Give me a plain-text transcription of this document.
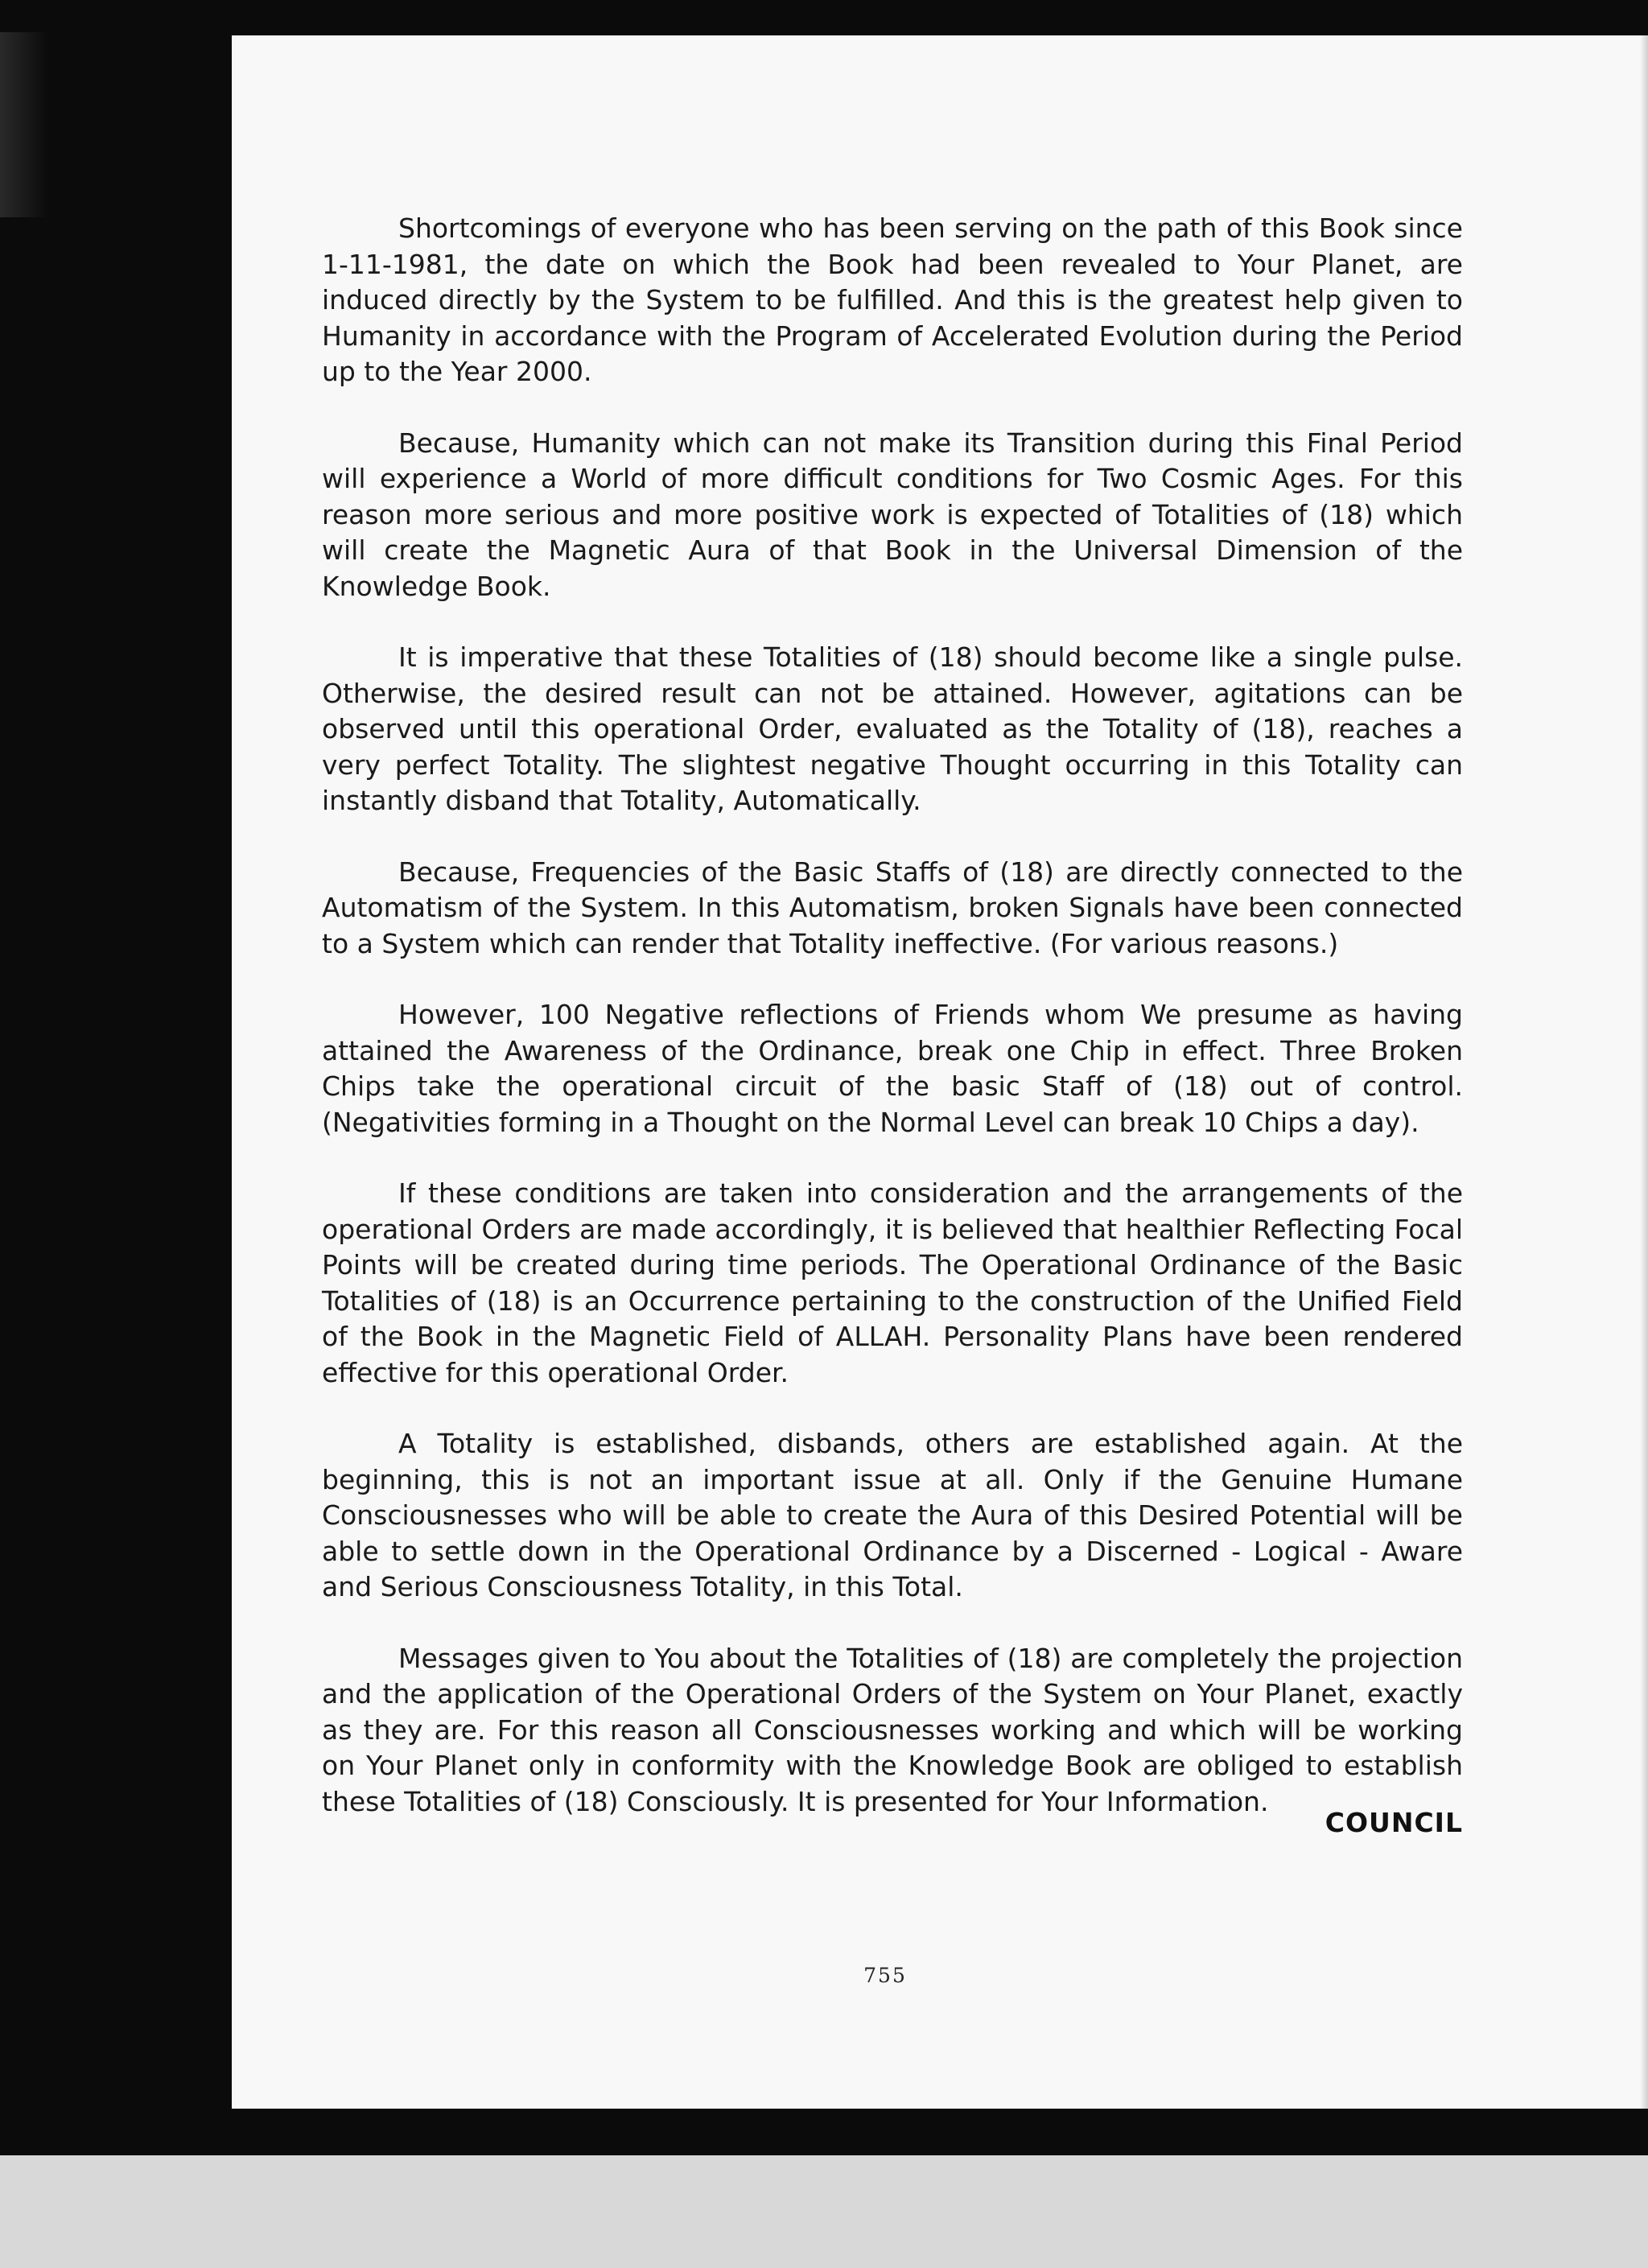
Shortcomings of everyone who has been serving on the path of this Book since 1-11-1981, the date on which the Book had been revealed to Your Planet, are induced directly by the System to be fulfilled. And this is the greatest help given to Humanity in accordance with the Program of Accelerated Evolution during the Period up to the Year 2000.

Because, Humanity which can not make its Transition during this Final Period will experience a World of more difficult conditions for Two Cosmic Ages. For this reason more serious and more positive work is expected of Totalities of (18) which will create the Magnetic Aura of that Book in the Universal Dimension of the Knowledge Book.

It is imperative that these Totalities of (18) should become like a single pulse. Otherwise, the desired result can not be attained. However, agitations can be observed until this operational Order, evaluated as the Totality of (18), reaches a very perfect Totality. The slightest negative Thought occurring in this Totality can instantly disband that Totality, Automatically.

Because, Frequencies of the Basic Staffs of (18) are directly connected to the Automatism of the System. In this Automatism, broken Signals have been connected to a System which can render that Totality ineffective. (For various reasons.)

However, 100 Negative reflections of Friends whom We presume as having attained the Awareness of the Ordinance, break one Chip in effect. Three Broken Chips take the operational circuit of the basic Staff of (18) out of control. (Negativities forming in a Thought on the Normal Level can break 10 Chips a day).

If these conditions are taken into consideration and the arrangements of the operational Orders are made accordingly, it is believed that healthier Reflecting Focal Points will be created during time periods. The Operational Ordinance of the Basic Totalities of (18) is an Occurrence pertaining to the construction of the Unified Field of the Book in the Magnetic Field of ALLAH. Personality Plans have been rendered effective for this operational Order.

A Totality is established, disbands, others are established again. At the beginning, this is not an important issue at all. Only if the Genuine Humane Consciousnesses who will be able to create the Aura of this Desired Potential will be able to settle down in the Operational Ordinance by a Discerned - Logical - Aware and Serious Consciousness Totality, in this Total.

Messages given to You about the Totalities of (18) are completely the projection and the application of the Operational Orders of the System on Your Planet, exactly as they are. For this reason all Consciousnesses working and which will be working on Your Planet only in conformity with the Knowledge Book are obliged to establish these Totalities of (18) Consciously. It is presented for Your Information.

COUNCIL
755
